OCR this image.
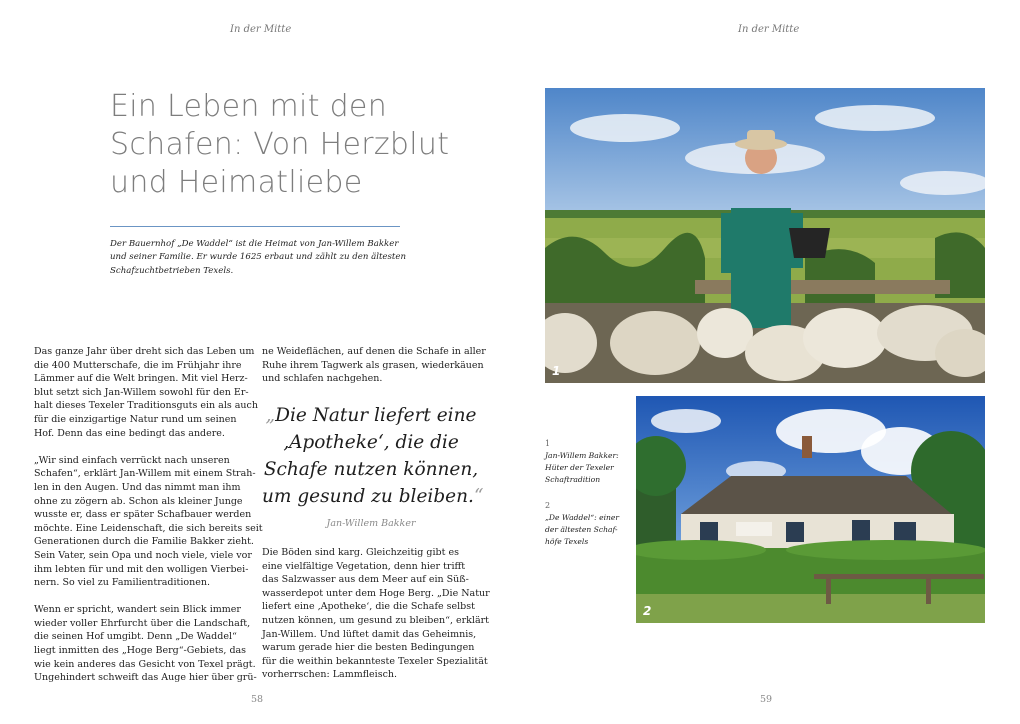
In der Mitte	In der Mitte
Ein Leben mit den
Schafen: Von Herzblut
und Heimatliebe
Der Bauernhof „De Waddel“ ist die Heimat von Jan-Willem Bakker
und seiner Familie. Er wurde 1625 erbaut und zählt zu den ältesten
Schafzuchtbetrieben Texels.
Das ganze Jahr über dreht sich das Leben um
die 400 Mutterschafe, die im Frühjahr ihre
Lämmer auf die Welt bringen. Mit viel Herz-
blut setzt sich Jan-Willem sowohl für den Er-
halt dieses Texeler Traditionsguts ein als auch
für die einzigartige Natur rund um seinen
Hof. Denn das eine bedingt das andere.
„Wir sind einfach verrückt nach unseren
Schafen“, erklärt Jan-Willem mit einem Strah-
len in den Augen. Und das nimmt man ihm
ohne zu zögern ab. Schon als kleiner Junge
wusste er, dass er später Schafbauer werden
möchte. Eine Leidenschaft, die sich bereits seit
Generationen durch die Familie Bakker zieht.
Sein Vater, sein Opa und noch viele, viele vor
ihm lebten für und mit den wolligen Vierbei-
nern. So viel zu Familientraditionen.
Wenn er spricht, wandert sein Blick immer
wieder voller Ehrfurcht über die Landschaft,
die seinen Hof umgibt. Denn „De Waddel“
liegt inmitten des „Hoge Berg“-Gebiets, das
wie kein anderes das Gesicht von Texel prägt.
Ungehindert schweift das Auge hier über grü-
ne Weideflächen, auf denen die Schafe in aller
Ruhe ihrem Tagwerk als grasen, wiederkäuen
und schlafen nachgehen.
„Die Natur liefert eine
‚Apotheke‘, die die
Schafe nutzen können,
um gesund zu bleiben.“
Jan-Willem Bakker
Die Böden sind karg. Gleichzeitig gibt es
eine vielfältige Vegetation, denn hier trifft
das Salzwasser aus dem Meer auf ein Süß-
wasserdepot unter dem Hoge Berg. „Die Natur
liefert eine ‚Apotheke‘, die die Schafe selbst
nutzen können, um gesund zu bleiben“, erklärt
Jan-Willem. Und lüftet damit das Geheimnis,
warum gerade hier die besten Bedingungen
für die weithin bekannteste Texeler Spezialität
vorherrschen: Lammfleisch.
1
2
1
Jan-Willem Bakker:
Hüter der Texeler
Schaftradition
2
„De Waddel“: einer
der ältesten Schaf-
höfe Texels
58	59
